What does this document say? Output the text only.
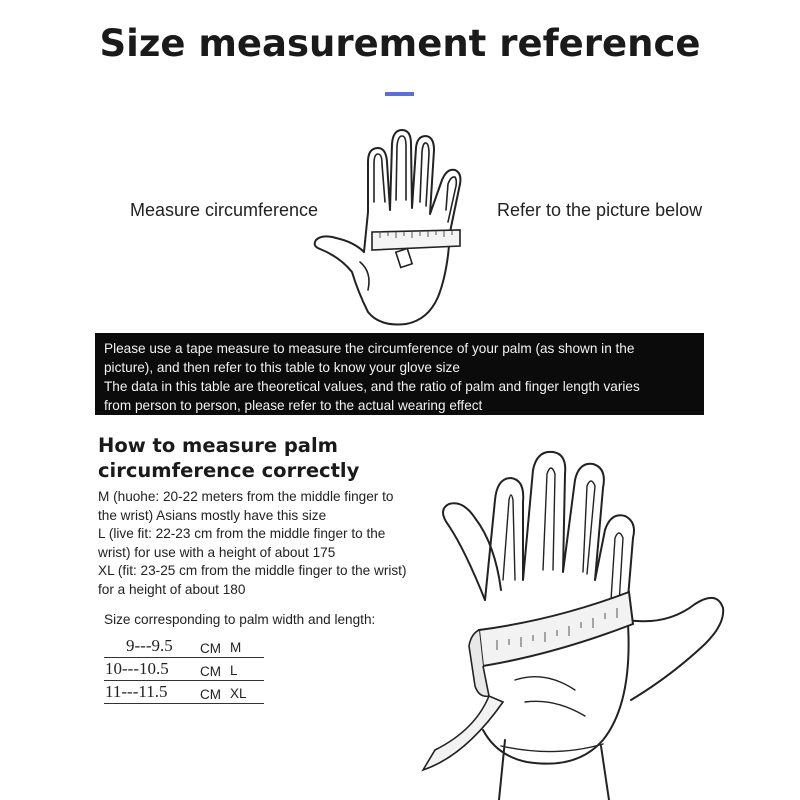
Size measurement reference
Measure circumference	Refer to the picture below
Please use a tape measure to measure the circumference of your palm (as shown in the
picture), and then refer to this table to know your glove size
The data in this table are theoretical values, and the ratio of palm and finger length varies
from person to person, please refer to the actual wearing effect
How to measure palm
circumference correctly
M (huohe: 20-22 meters from the middle finger to
the wrist) Asians mostly have this size
L (live fit: 22-23 cm from the middle finger to the
wrist) for use with a height of about 175
XL (fit: 23-25 cm from the middle finger to the wrist)
for a height of about 180
Size corresponding to palm width and length:
9---9.5 CM M
10---10.5 CM L
11---11.5 CM XL
